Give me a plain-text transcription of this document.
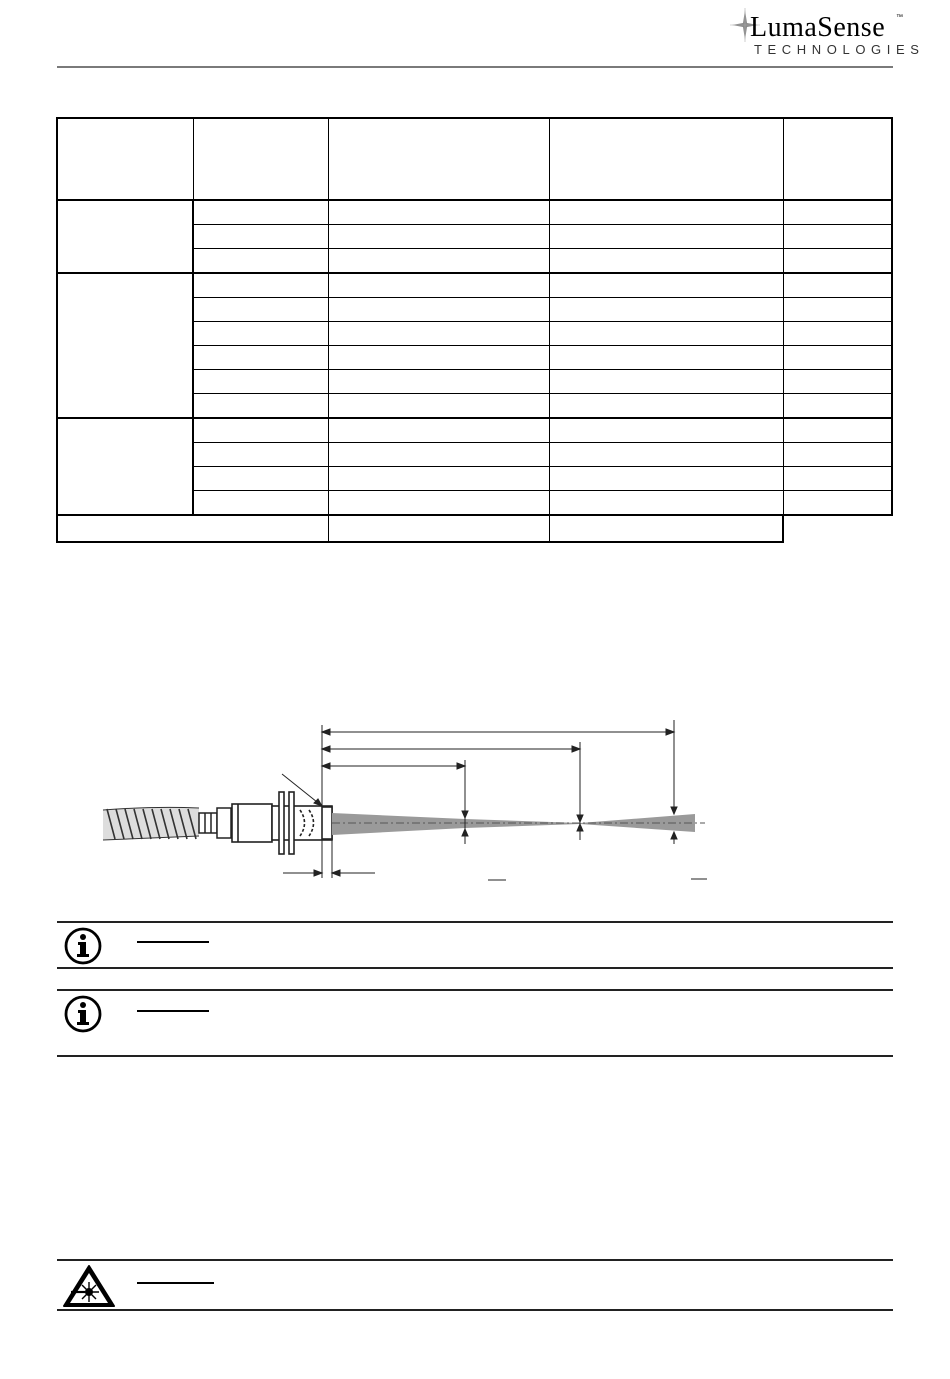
LumaSense ™
TECHNOLOGIES
